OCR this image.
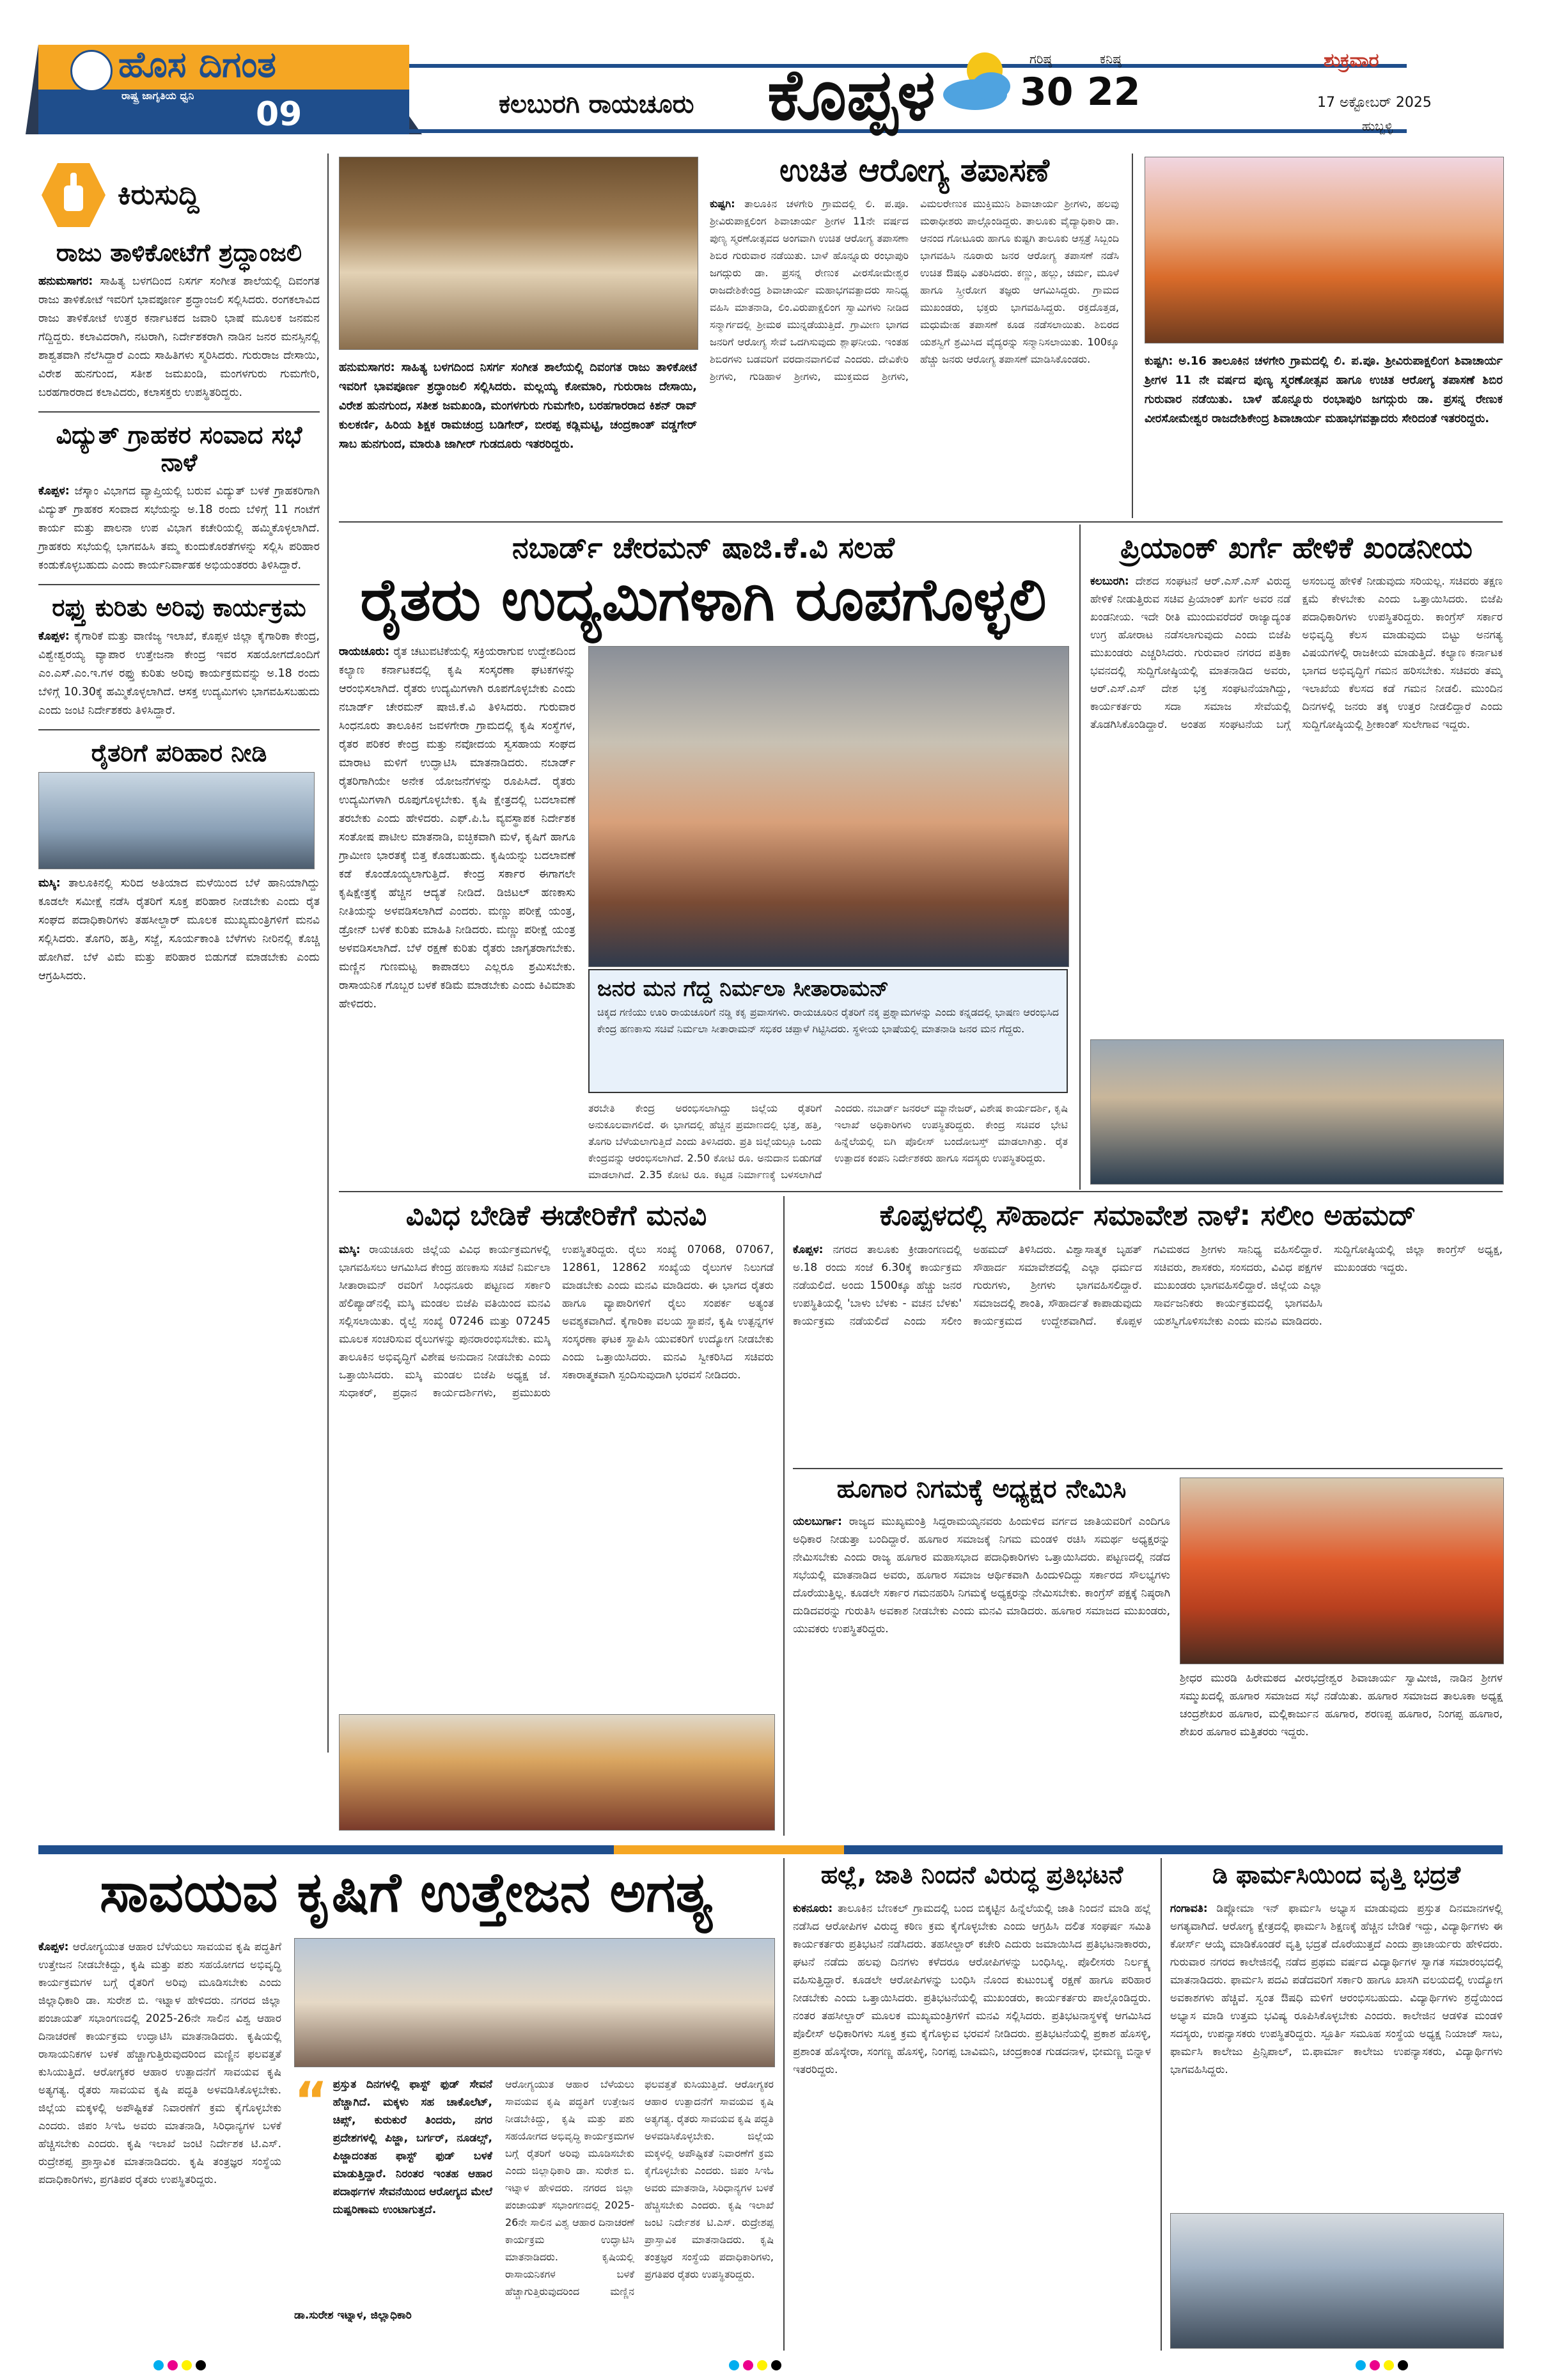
ಹೊಸ ದಿಗಂತ
ರಾಷ್ಟ್ರ ಜಾಗೃತಿಯ ಧ್ವನಿ 09	ಕಲಬುರಗಿ ರಾಯಚೂರು ಕೊಪ್ಪಳ	ಗರಿಷ್ಠ
30
ಕನಿಷ್ಠ
22
ಶುಕ್ರವಾರ
17 ಅಕ್ಟೋಬರ್ 2025
ಹುಬ್ಬಳ್ಳಿ
ಕಿರುಸುದ್ದಿ
ರಾಜು ತಾಳಿಕೋಟೆಗೆ ಶ್ರದ್ಧಾಂಜಲಿ
ಹನುಮಸಾಗರ: ಸಾಹಿತ್ಯ ಬಳಗದಿಂದ ನಿಸರ್ಗ ಸಂಗೀತ ಶಾಲೆಯಲ್ಲಿ ದಿವಂಗತ ರಾಜು ತಾಳಿಕೋಟೆ ಇವರಿಗೆ ಭಾವಪೂರ್ಣ ಶ್ರದ್ಧಾಂಜಲಿ ಸಲ್ಲಿಸಿದರು. ರಂಗಕಲಾವಿದ ರಾಜು ತಾಳಿಕೋಟೆ ಉತ್ತರ ಕರ್ನಾಟಕದ ಜವಾರಿ ಭಾಷೆ ಮೂಲಕ ಜನಮನ ಗೆದ್ದಿದ್ದರು. ಕಲಾವಿದರಾಗಿ, ನಟರಾಗಿ, ನಿರ್ದೇಶಕರಾಗಿ ನಾಡಿನ ಜನರ ಮನಸ್ಸಿನಲ್ಲಿ ಶಾಶ್ವತವಾಗಿ ನೆಲೆಸಿದ್ದಾರೆ ಎಂದು ಸಾಹಿತಿಗಳು ಸ್ಮರಿಸಿದರು. ಗುರುರಾಜ ದೇಸಾಯಿ, ವಿರೇಶ ಹುನಗುಂದ, ಸತೀಶ ಜಮಖಂಡಿ, ಮಂಗಳಗುರು ಗುಮಗೇರಿ, ಬರಹಗಾರರಾದ ಕಲಾವಿದರು, ಕಲಾಸಕ್ತರು ಉಪಸ್ಥಿತರಿದ್ದರು.
ವಿದ್ಯುತ್ ಗ್ರಾಹಕರ ಸಂವಾದ ಸಭೆ ನಾಳೆ
ಕೊಪ್ಪಳ: ಜೆಸ್ಕಾಂ ವಿಭಾಗದ ವ್ಯಾಪ್ತಿಯಲ್ಲಿ ಬರುವ ವಿದ್ಯುತ್ ಬಳಕೆ ಗ್ರಾಹಕರಿಗಾಗಿ ವಿದ್ಯುತ್ ಗ್ರಾಹಕರ ಸಂವಾದ ಸಭೆಯನ್ನು ಅ.18 ರಂದು ಬೆಳಿಗ್ಗೆ 11 ಗಂಟೆಗೆ ಕಾರ್ಯ ಮತ್ತು ಪಾಲನಾ ಉಪ ವಿಭಾಗ ಕಚೇರಿಯಲ್ಲಿ ಹಮ್ಮಿಕೊಳ್ಳಲಾಗಿದೆ. ಗ್ರಾಹಕರು ಸಭೆಯಲ್ಲಿ ಭಾಗವಹಿಸಿ ತಮ್ಮ ಕುಂದುಕೊರತೆಗಳನ್ನು ಸಲ್ಲಿಸಿ ಪರಿಹಾರ ಕಂಡುಕೊಳ್ಳಬಹುದು ಎಂದು ಕಾರ್ಯನಿರ್ವಾಹಕ ಅಭಿಯಂತರರು ತಿಳಿಸಿದ್ದಾರೆ.
ರಫ್ತು ಕುರಿತು ಅರಿವು ಕಾರ್ಯಕ್ರಮ
ಕೊಪ್ಪಳ: ಕೈಗಾರಿಕೆ ಮತ್ತು ವಾಣಿಜ್ಯ ಇಲಾಖೆ, ಕೊಪ್ಪಳ ಜಿಲ್ಲಾ ಕೈಗಾರಿಕಾ ಕೇಂದ್ರ, ವಿಶ್ವೇಶ್ವರಯ್ಯ ವ್ಯಾಪಾರ ಉತ್ತೇಜನಾ ಕೇಂದ್ರ ಇವರ ಸಹಯೋಗದೊಂದಿಗೆ ಎಂ.ಎಸ್.ಎಂ.ಇ.ಗಳ ರಫ್ತು ಕುರಿತು ಅರಿವು ಕಾರ್ಯಕ್ರಮವನ್ನು ಅ.18 ರಂದು ಬೆಳಿಗ್ಗೆ 10.30ಕ್ಕೆ ಹಮ್ಮಿಕೊಳ್ಳಲಾಗಿದೆ. ಆಸಕ್ತ ಉದ್ಯಮಿಗಳು ಭಾಗವಹಿಸಬಹುದು ಎಂದು ಜಂಟಿ ನಿರ್ದೇಶಕರು ತಿಳಿಸಿದ್ದಾರೆ.
ರೈತರಿಗೆ ಪರಿಹಾರ ನೀಡಿ
ಮಸ್ಕಿ: ತಾಲೂಕಿನಲ್ಲಿ ಸುರಿದ ಅತಿಯಾದ ಮಳೆಯಿಂದ ಬೆಳೆ ಹಾನಿಯಾಗಿದ್ದು ಕೂಡಲೇ ಸಮೀಕ್ಷೆ ನಡೆಸಿ ರೈತರಿಗೆ ಸೂಕ್ತ ಪರಿಹಾರ ನೀಡಬೇಕು ಎಂದು ರೈತ ಸಂಘದ ಪದಾಧಿಕಾರಿಗಳು ತಹಸೀಲ್ದಾರ್ ಮೂಲಕ ಮುಖ್ಯಮಂತ್ರಿಗಳಿಗೆ ಮನವಿ ಸಲ್ಲಿಸಿದರು. ತೊಗರಿ, ಹತ್ತಿ, ಸಜ್ಜೆ, ಸೂರ್ಯಕಾಂತಿ ಬೆಳೆಗಳು ನೀರಿನಲ್ಲಿ ಕೊಚ್ಚಿ ಹೋಗಿವೆ. ಬೆಳೆ ವಿಮೆ ಮತ್ತು ಪರಿಹಾರ ಬಿಡುಗಡೆ ಮಾಡಬೇಕು ಎಂದು ಆಗ್ರಹಿಸಿದರು.
ಹನುಮಸಾಗರ: ಸಾಹಿತ್ಯ ಬಳಗದಿಂದ ನಿಸರ್ಗ ಸಂಗೀತ ಶಾಲೆಯಲ್ಲಿ ದಿವಂಗತ ರಾಜು ತಾಳಿಕೋಟೆ ಇವರಿಗೆ ಭಾವಪೂರ್ಣ ಶ್ರದ್ಧಾಂಜಲಿ ಸಲ್ಲಿಸಿದರು. ಮಲ್ಲಯ್ಯ ಕೋಮಾರಿ, ಗುರುರಾಜ ದೇಸಾಯಿ, ವಿರೇಶ ಹುನಗುಂದ, ಸತೀಶ ಜಮಖಂಡಿ, ಮಂಗಳಗುರು ಗುಮಗೇರಿ, ಬರಹಗಾರರಾದ ಕಿಶನ್ ರಾವ್ ಕುಲಕರ್ಣಿ, ಹಿರಿಯ ಶಿಕ್ಷಕ ರಾಮಚಂದ್ರ ಬಡಿಗೇರ್, ಬೀರಪ್ಪ ಕಡ್ಲಿಮಟ್ಟಿ, ಚಂದ್ರಕಾಂತ್ ವಡ್ಡಗೇರ್ ಸಾಬ ಹುನಗುಂದ, ಮಾರುತಿ ಜಾಗೀರ್ ಗುಡದೂರು ಇತರರಿದ್ದರು.
ಉಚಿತ ಆರೋಗ್ಯ ತಪಾಸಣೆ
ಕುಷ್ಟಗಿ: ತಾಲೂಕಿನ ಚಳಗೇರಿ ಗ್ರಾಮದಲ್ಲಿ ಲಿ. ಪ.ಪೂ. ಶ್ರೀವಿರುಪಾಕ್ಷಲಿಂಗ ಶಿವಾಚಾರ್ಯ ಶ್ರೀಗಳ 11ನೇ ವರ್ಷದ ಪುಣ್ಯ ಸ್ಮರಣೋತ್ಸವದ ಅಂಗವಾಗಿ ಉಚಿತ ಆರೋಗ್ಯ ತಪಾಸಣಾ ಶಿಬಿರ ಗುರುವಾರ ನಡೆಯಿತು. ಬಾಳೆ ಹೊನ್ನೂರು ರಂಭಾಪುರಿ ಜಗದ್ಗುರು ಡಾ. ಪ್ರಸನ್ನ ರೇಣುಕ ವೀರಸೋಮೇಶ್ವರ ರಾಜದೇಶಿಕೇಂದ್ರ ಶಿವಾಚಾರ್ಯ ಮಹಾಭಗವತ್ಪಾದರು ಸಾನಿಧ್ಯ ವಹಿಸಿ ಮಾತನಾಡಿ, ಲಿಂ.ವಿರುಪಾಕ್ಷಲಿಂಗ ಸ್ವಾಮಿಗಳು ನೀಡಿದ ಸನ್ಮಾರ್ಗದಲ್ಲಿ ಶ್ರೀಮಠ ಮುನ್ನಡೆಯುತ್ತಿದೆ. ಗ್ರಾಮೀಣ ಭಾಗದ ಜನರಿಗೆ ಆರೋಗ್ಯ ಸೇವೆ ಒದಗಿಸುವುದು ಶ್ಲಾಘನೀಯ. ಇಂತಹ ಶಿಬಿರಗಳು ಬಡವರಿಗೆ ವರದಾನವಾಗಲಿವೆ ಎಂದರು. ದೇವಿಕೇರಿ ಶ್ರೀಗಳು, ಗುಡಿಹಾಳ ಶ್ರೀಗಳು, ಮುಕ್ತಮದ ಶ್ರೀಗಳು, ವಿಮಲರೇಣುಕ ಮುಕ್ತಿಮುನಿ ಶಿವಾಚಾರ್ಯ ಶ್ರೀಗಳು, ಹಲವು ಮಠಾಧೀಶರು ಪಾಲ್ಗೊಂಡಿದ್ದರು. ತಾಲೂಕು ವೈದ್ಯಾಧಿಕಾರಿ ಡಾ. ಆನಂದ ಗೋಟೂರು ಹಾಗೂ ಕುಷ್ಟಗಿ ತಾಲೂಕು ಆಸ್ಪತ್ರೆ ಸಿಬ್ಬಂದಿ ಭಾಗವಹಿಸಿ ನೂರಾರು ಜನರ ಆರೋಗ್ಯ ತಪಾಸಣೆ ನಡೆಸಿ ಉಚಿತ ಔಷಧಿ ವಿತರಿಸಿದರು. ಕಣ್ಣು, ಹಲ್ಲು, ಚರ್ಮ, ಮೂಳೆ ಹಾಗೂ ಸ್ತ್ರೀರೋಗ ತಜ್ಞರು ಆಗಮಿಸಿದ್ದರು. ಗ್ರಾಮದ ಮುಖಂಡರು, ಭಕ್ತರು ಭಾಗವಹಿಸಿದ್ದರು. ರಕ್ತದೊತ್ತಡ, ಮಧುಮೇಹ ತಪಾಸಣೆ ಕೂಡ ನಡೆಸಲಾಯಿತು. ಶಿಬಿರದ ಯಶಸ್ವಿಗೆ ಶ್ರಮಿಸಿದ ವೈದ್ಯರನ್ನು ಸನ್ಮಾನಿಸಲಾಯಿತು. 100ಕ್ಕೂ ಹೆಚ್ಚು ಜನರು ಆರೋಗ್ಯ ತಪಾಸಣೆ ಮಾಡಿಸಿಕೊಂಡರು.	ಕುಷ್ಟಗಿ: ಅ.16 ತಾಲೂಕಿನ ಚಳಗೇರಿ ಗ್ರಾಮದಲ್ಲಿ ಲಿ. ಪ.ಪೂ. ಶ್ರೀವಿರುಪಾಕ್ಷಲಿಂಗ ಶಿವಾಚಾರ್ಯ ಶ್ರೀಗಳ 11 ನೇ ವರ್ಷದ ಪುಣ್ಯ ಸ್ಮರಣೋತ್ಸವ ಹಾಗೂ ಉಚಿತ ಆರೋಗ್ಯ ತಪಾಸಣೆ ಶಿಬಿರ ಗುರುವಾರ ನಡೆಯಿತು. ಬಾಳೆ ಹೊನ್ನೂರು ರಂಭಾಪುರಿ ಜಗದ್ಗುರು ಡಾ. ಪ್ರಸನ್ನ ರೇಣುಕ ವೀರಸೋಮೇಶ್ವರ ರಾಜದೇಶಿಕೇಂದ್ರ ಶಿವಾಚಾರ್ಯ ಮಹಾಭಗವತ್ಪಾದರು ಸೇರಿದಂತೆ ಇತರರಿದ್ದರು.
ನಬಾರ್ಡ್ ಚೇರಮನ್ ಷಾಜಿ.ಕೆ.ವಿ ಸಲಹೆ
ರೈತರು ಉದ್ಯಮಿಗಳಾಗಿ ರೂಪಗೊಳ್ಳಲಿ
ರಾಯಚೂರು: ರೈತ ಚಟುವಟಿಕೆಯಲ್ಲಿ ಸಕ್ರಿಯರಾಗುವ ಉದ್ದೇಶದಿಂದ ಕಲ್ಯಾಣ ಕರ್ನಾಟಕದಲ್ಲಿ ಕೃಷಿ ಸಂಸ್ಕರಣಾ ಘಟಕಗಳನ್ನು ಆರಂಭಿಸಲಾಗಿದೆ. ರೈತರು ಉದ್ಯಮಿಗಳಾಗಿ ರೂಪಗೊಳ್ಳಬೇಕು ಎಂದು ನಬಾರ್ಡ್ ಚೇರಮನ್ ಷಾಜಿ.ಕೆ.ವಿ ತಿಳಿಸಿದರು. ಗುರುವಾರ ಸಿಂಧನೂರು ತಾಲೂಕಿನ ಜವಳಗೇರಾ ಗ್ರಾಮದಲ್ಲಿ ಕೃಷಿ ಸಂಸ್ಥೆಗಳ, ರೈತರ ಪರಿಕರ ಕೇಂದ್ರ ಮತ್ತು ನವೋದಯ ಸ್ವಸಹಾಯ ಸಂಘದ ಮಾರಾಟ ಮಳಿಗೆ ಉದ್ಘಾಟಿಸಿ ಮಾತನಾಡಿದರು. ನಬಾರ್ಡ್ ರೈತರಿಗಾಗಿಯೇ ಅನೇಕ ಯೋಜನೆಗಳನ್ನು ರೂಪಿಸಿದೆ. ರೈತರು ಉದ್ಯಮಿಗಳಾಗಿ ರೂಪುಗೊಳ್ಳಬೇಕು. ಕೃಷಿ ಕ್ಷೇತ್ರದಲ್ಲಿ ಬದಲಾವಣೆ ತರಬೇಕು ಎಂದು ಹೇಳಿದರು. ಎಫ್.ಪಿ.ಓ ವ್ಯವಸ್ಥಾಪಕ ನಿರ್ದೇಶಕ ಸಂತೋಷ ಪಾಟೀಲ ಮಾತನಾಡಿ, ಐಚ್ಛಿಕವಾಗಿ ಮಳೆ, ಕೃಷಿಗೆ ಹಾಗೂ ಗ್ರಾಮೀಣ ಭಾರತಕ್ಕೆ ಬಿತ್ತ ಕೊಡಬಹುದು. ಕೃಷಿಯನ್ನು ಬದಲಾವಣೆ ಕಡೆ ಕೊಂಡೊಯ್ಯಲಾಗುತ್ತಿದೆ. ಕೇಂದ್ರ ಸರ್ಕಾರ ಈಗಾಗಲೇ ಕೃಷಿಕ್ಷೇತ್ರಕ್ಕೆ ಹೆಚ್ಚಿನ ಆದ್ಯತೆ ನೀಡಿದೆ. ಡಿಜಿಟಲ್ ಹಣಕಾಸು ನೀತಿಯನ್ನು ಅಳವಡಿಸಲಾಗಿದೆ ಎಂದರು. ಮಣ್ಣು ಪರೀಕ್ಷೆ ಯಂತ್ರ, ಡ್ರೋನ್ ಬಳಕೆ ಕುರಿತು ಮಾಹಿತಿ ನೀಡಿದರು. ಮಣ್ಣು ಪರೀಕ್ಷೆ ಯಂತ್ರ ಅಳವಡಿಸಲಾಗಿದೆ. ಬೆಳೆ ರಕ್ಷಣೆ ಕುರಿತು ರೈತರು ಜಾಗೃತರಾಗಬೇಕು. ಮಣ್ಣಿನ ಗುಣಮಟ್ಟ ಕಾಪಾಡಲು ಎಲ್ಲರೂ ಶ್ರಮಿಸಬೇಕು. ರಾಸಾಯನಿಕ ಗೊಬ್ಬರ ಬಳಕೆ ಕಡಿಮೆ ಮಾಡಬೇಕು ಎಂದು ಕಿವಿಮಾತು ಹೇಳಿದರು.
ಜನರ ಮನ ಗೆದ್ದ ನಿರ್ಮಲಾ ಸೀತಾರಾಮನ್
ಚಿಕ್ಕದ ಗಣಿಯು ಊರಿ ರಾಯಚೂರಿಗೆ ನಡ್ಡಿ ಕಕೃ ಪ್ರವಾಸಗಳು. ರಾಯಚೂರಿನ ರೈತರಿಗೆ ನಕ್ಕ ಪ್ರಶ್ನಾಮಗಳನ್ನು ಎಂದು ಕನ್ನಡದಲ್ಲಿ ಭಾಷಣ ಆರಂಭಿಸಿದ ಕೇಂದ್ರ ಹಣಕಾಸು ಸಚಿವೆ ನಿರ್ಮಲಾ ಸೀತಾರಾಮನ್ ಸಭಿಕರ ಚಪ್ಪಾಳೆ ಗಿಟ್ಟಿಸಿದರು. ಸ್ಥಳೀಯ ಭಾಷೆಯಲ್ಲಿ ಮಾತನಾಡಿ ಜನರ ಮನ ಗೆದ್ದರು.
ತರಬೇತಿ ಕೇಂದ್ರ ಅರಂಭಿಸಲಾಗಿದ್ದು ಜಿಲ್ಲೆಯ ರೈತರಿಗೆ ಅನುಕೂಲವಾಗಲಿದೆ. ಈ ಭಾಗದಲ್ಲಿ ಹೆಚ್ಚಿನ ಪ್ರಮಾಣದಲ್ಲಿ ಭತ್ತ, ಹತ್ತಿ, ತೊಗರಿ ಬೆಳೆಯಲಾಗುತ್ತಿದೆ ಎಂದು ತಿಳಿಸಿದರು. ಪ್ರತಿ ಜಿಲ್ಲೆಯಲ್ಲೂ ಒಂದು ಕೇಂದ್ರವನ್ನು ಆರಂಭಿಸಲಾಗಿದೆ. 2.50 ಕೋಟಿ ರೂ. ಅನುದಾನ ಬಿಡುಗಡೆ ಮಾಡಲಾಗಿದೆ. 2.35 ಕೋಟಿ ರೂ. ಕಟ್ಟಡ ನಿರ್ಮಾಣಕ್ಕೆ ಬಳಸಲಾಗಿದೆ ಎಂದರು. ನಬಾರ್ಡ್ ಜನರಲ್ ಮ್ಯಾನೇಜರ್, ವಿಶೇಷ ಕಾರ್ಯದರ್ಶಿ, ಕೃಷಿ ಇಲಾಖೆ ಅಧಿಕಾರಿಗಳು ಉಪಸ್ಥಿತರಿದ್ದರು. ಕೇಂದ್ರ ಸಚಿವರ ಭೇಟಿ ಹಿನ್ನೆಲೆಯಲ್ಲಿ ಬಿಗಿ ಪೊಲೀಸ್ ಬಂದೋಬಸ್ತ್ ಮಾಡಲಾಗಿತ್ತು. ರೈತ ಉತ್ಪಾದಕ ಕಂಪನಿ ನಿರ್ದೇಶಕರು ಹಾಗೂ ಸದಸ್ಯರು ಉಪಸ್ಥಿತರಿದ್ದರು.
ಪ್ರಿಯಾಂಕ್ ಖರ್ಗೆ ಹೇಳಿಕೆ ಖಂಡನೀಯ
ಕಲಬುರಗಿ: ದೇಶದ ಸಂಘಟನೆ ಆರ್.ಎಸ್.ಎಸ್ ವಿರುದ್ಧ ಹೇಳಿಕೆ ನೀಡುತ್ತಿರುವ ಸಚಿವ ಪ್ರಿಯಾಂಕ್ ಖರ್ಗೆ ಅವರ ನಡೆ ಖಂಡನೀಯ. ಇದೇ ರೀತಿ ಮುಂದುವರೆದರೆ ರಾಜ್ಯಾದ್ಯಂತ ಉಗ್ರ ಹೋರಾಟ ನಡೆಸಲಾಗುವುದು ಎಂದು ಬಿಜೆಪಿ ಮುಖಂಡರು ಎಚ್ಚರಿಸಿದರು. ಗುರುವಾರ ನಗರದ ಪತ್ರಿಕಾ ಭವನದಲ್ಲಿ ಸುದ್ದಿಗೋಷ್ಠಿಯಲ್ಲಿ ಮಾತನಾಡಿದ ಅವರು, ಆರ್.ಎಸ್.ಎಸ್ ದೇಶ ಭಕ್ತ ಸಂಘಟನೆಯಾಗಿದ್ದು, ಕಾರ್ಯಕರ್ತರು ಸದಾ ಸಮಾಜ ಸೇವೆಯಲ್ಲಿ ತೊಡಗಿಸಿಕೊಂಡಿದ್ದಾರೆ. ಅಂತಹ ಸಂಘಟನೆಯ ಬಗ್ಗೆ ಅಸಂಬದ್ಧ ಹೇಳಿಕೆ ನೀಡುವುದು ಸರಿಯಲ್ಲ. ಸಚಿವರು ತಕ್ಷಣ ಕ್ಷಮೆ ಕೇಳಬೇಕು ಎಂದು ಒತ್ತಾಯಿಸಿದರು. ಬಿಜೆಪಿ ಪದಾಧಿಕಾರಿಗಳು ಉಪಸ್ಥಿತರಿದ್ದರು. ಕಾಂಗ್ರೆಸ್ ಸರ್ಕಾರ ಅಭಿವೃದ್ಧಿ ಕೆಲಸ ಮಾಡುವುದು ಬಿಟ್ಟು ಅನಗತ್ಯ ವಿಷಯಗಳಲ್ಲಿ ರಾಜಕೀಯ ಮಾಡುತ್ತಿದೆ. ಕಲ್ಯಾಣ ಕರ್ನಾಟಕ ಭಾಗದ ಅಭಿವೃದ್ಧಿಗೆ ಗಮನ ಹರಿಸಬೇಕು. ಸಚಿವರು ತಮ್ಮ ಇಲಾಖೆಯ ಕೆಲಸದ ಕಡೆ ಗಮನ ನೀಡಲಿ. ಮುಂದಿನ ದಿನಗಳಲ್ಲಿ ಜನರು ತಕ್ಕ ಉತ್ತರ ನೀಡಲಿದ್ದಾರೆ ಎಂದು ಸುದ್ದಿಗೋಷ್ಠಿಯಲ್ಲಿ ಶ್ರೀಕಾಂತ್ ಸುಲೇಗಾವ ಇದ್ದರು.
ವಿವಿಧ ಬೇಡಿಕೆ ಈಡೇರಿಕೆಗೆ ಮನವಿ
ಮಸ್ಕಿ: ರಾಯಚೂರು ಜಿಲ್ಲೆಯ ವಿವಿಧ ಕಾರ್ಯಕ್ರಮಗಳಲ್ಲಿ ಭಾಗವಹಿಸಲು ಆಗಮಿಸಿದ ಕೇಂದ್ರ ಹಣಕಾಸು ಸಚಿವೆ ನಿರ್ಮಲಾ ಸೀತಾರಾಮನ್ ರವರಿಗೆ ಸಿಂಧನೂರು ಪಟ್ಟಣದ ಸರ್ಕಾರಿ ಹೆಲಿಪ್ಯಾಡ್‌ನಲ್ಲಿ ಮಸ್ಕಿ ಮಂಡಲ ಬಿಜೆಪಿ ವತಿಯಿಂದ ಮನವಿ ಸಲ್ಲಿಸಲಾಯಿತು. ರೈಲ್ವೆ ಸಂಖ್ಯೆ 07246 ಮತ್ತು 07245 ಮೂಲಕ ಸಂಚರಿಸುವ ರೈಲುಗಳನ್ನು ಪುನರಾರಂಭಿಸಬೇಕು. ಮಸ್ಕಿ ತಾಲೂಕಿನ ಅಭಿವೃದ್ಧಿಗೆ ವಿಶೇಷ ಅನುದಾನ ನೀಡಬೇಕು ಎಂದು ಒತ್ತಾಯಿಸಿದರು. ಮಸ್ಕಿ ಮಂಡಲ ಬಿಜೆಪಿ ಅಧ್ಯಕ್ಷ ಜೆ. ಸುಧಾಕರ್, ಪ್ರಧಾನ ಕಾರ್ಯದರ್ಶಿಗಳು, ಪ್ರಮುಖರು ಉಪಸ್ಥಿತರಿದ್ದರು. ರೈಲು ಸಂಖ್ಯೆ 07068, 07067, 12861, 12862 ಸಂಖ್ಯೆಯ ರೈಲುಗಳ ನಿಲುಗಡೆ ಮಾಡಬೇಕು ಎಂದು ಮನವಿ ಮಾಡಿದರು. ಈ ಭಾಗದ ರೈತರು ಹಾಗೂ ವ್ಯಾಪಾರಿಗಳಿಗೆ ರೈಲು ಸಂಪರ್ಕ ಅತ್ಯಂತ ಅವಶ್ಯಕವಾಗಿದೆ. ಕೈಗಾರಿಕಾ ವಲಯ ಸ್ಥಾಪನೆ, ಕೃಷಿ ಉತ್ಪನ್ನಗಳ ಸಂಸ್ಕರಣಾ ಘಟಕ ಸ್ಥಾಪಿಸಿ ಯುವಕರಿಗೆ ಉದ್ಯೋಗ ನೀಡಬೇಕು ಎಂದು ಒತ್ತಾಯಿಸಿದರು. ಮನವಿ ಸ್ವೀಕರಿಸಿದ ಸಚಿವರು ಸಕಾರಾತ್ಮಕವಾಗಿ ಸ್ಪಂದಿಸುವುದಾಗಿ ಭರವಸೆ ನೀಡಿದರು.
ಕೊಪ್ಪಳದಲ್ಲಿ ಸೌಹಾರ್ದ ಸಮಾವೇಶ ನಾಳೆ: ಸಲೀಂ ಅಹಮದ್
ಕೊಪ್ಪಳ: ನಗರದ ತಾಲೂಕು ಕ್ರೀಡಾಂಗಣದಲ್ಲಿ ಅ.18 ರಂದು ಸಂಜೆ 6.30ಕ್ಕೆ ಕಾರ್ಯಕ್ರಮ ನಡೆಯಲಿದೆ. ಅಂದು 1500ಕ್ಕೂ ಹೆಚ್ಚು ಜನರ ಉಪಸ್ಥಿತಿಯಲ್ಲಿ 'ಬಾಳು ಬೆಳಕು - ವಚನ ಬೆಳಕು' ಕಾರ್ಯಕ್ರಮ ನಡೆಯಲಿದೆ ಎಂದು ಸಲೀಂ ಅಹಮದ್ ತಿಳಿಸಿದರು. ವಿಶ್ವಾಸಾತ್ಮಕ ಬೃಹತ್ ಸೌಹಾರ್ದ ಸಮಾವೇಶದಲ್ಲಿ ಎಲ್ಲಾ ಧರ್ಮದ ಗುರುಗಳು, ಶ್ರೀಗಳು ಭಾಗವಹಿಸಲಿದ್ದಾರೆ. ಸಮಾಜದಲ್ಲಿ ಶಾಂತಿ, ಸೌಹಾರ್ದತೆ ಕಾಪಾಡುವುದು ಕಾರ್ಯಕ್ರಮದ ಉದ್ದೇಶವಾಗಿದೆ. ಕೊಪ್ಪಳ ಗವಿಮಠದ ಶ್ರೀಗಳು ಸಾನಿಧ್ಯ ವಹಿಸಲಿದ್ದಾರೆ. ಸಚಿವರು, ಶಾಸಕರು, ಸಂಸದರು, ವಿವಿಧ ಪಕ್ಷಗಳ ಮುಖಂಡರು ಭಾಗವಹಿಸಲಿದ್ದಾರೆ. ಜಿಲ್ಲೆಯ ಎಲ್ಲಾ ಸಾರ್ವಜನಿಕರು ಕಾರ್ಯಕ್ರಮದಲ್ಲಿ ಭಾಗವಹಿಸಿ ಯಶಸ್ವಿಗೊಳಿಸಬೇಕು ಎಂದು ಮನವಿ ಮಾಡಿದರು. ಸುದ್ದಿಗೋಷ್ಠಿಯಲ್ಲಿ ಜಿಲ್ಲಾ ಕಾಂಗ್ರೆಸ್ ಅಧ್ಯಕ್ಷ, ಮುಖಂಡರು ಇದ್ದರು.
ಹೂಗಾರ ನಿಗಮಕ್ಕೆ ಅಧ್ಯಕ್ಷರ ನೇಮಿಸಿ
ಯಲಬುರ್ಗಾ: ರಾಜ್ಯದ ಮುಖ್ಯಮಂತ್ರಿ ಸಿದ್ದರಾಮಯ್ಯನವರು ಹಿಂದುಳಿದ ವರ್ಗದ ಜಾತಿಯವರಿಗೆ ಎಂದಿಗೂ ಅಧಿಕಾರ ನೀಡುತ್ತಾ ಬಂದಿದ್ದಾರೆ. ಹೂಗಾರ ಸಮಾಜಕ್ಕೆ ನಿಗಮ ಮಂಡಳಿ ರಚಿಸಿ ಸಮರ್ಥ ಅಧ್ಯಕ್ಷರನ್ನು ನೇಮಿಸಬೇಕು ಎಂದು ರಾಜ್ಯ ಹೂಗಾರ ಮಹಾಸಭಾದ ಪದಾಧಿಕಾರಿಗಳು ಒತ್ತಾಯಿಸಿದರು. ಪಟ್ಟಣದಲ್ಲಿ ನಡೆದ ಸಭೆಯಲ್ಲಿ ಮಾತನಾಡಿದ ಅವರು, ಹೂಗಾರ ಸಮಾಜ ಆರ್ಥಿಕವಾಗಿ ಹಿಂದುಳಿದಿದ್ದು ಸರ್ಕಾರದ ಸೌಲಭ್ಯಗಳು ದೊರೆಯುತ್ತಿಲ್ಲ. ಕೂಡಲೇ ಸರ್ಕಾರ ಗಮನಹರಿಸಿ ನಿಗಮಕ್ಕೆ ಅಧ್ಯಕ್ಷರನ್ನು ನೇಮಿಸಬೇಕು. ಕಾಂಗ್ರೆಸ್ ಪಕ್ಷಕ್ಕೆ ನಿಷ್ಠರಾಗಿ ದುಡಿದವರನ್ನು ಗುರುತಿಸಿ ಅವಕಾಶ ನೀಡಬೇಕು ಎಂದು ಮನವಿ ಮಾಡಿದರು. ಹೂಗಾರ ಸಮಾಜದ ಮುಖಂಡರು, ಯುವಕರು ಉಪಸ್ಥಿತರಿದ್ದರು.
ಶ್ರೀಧರ ಮುರಡಿ ಹಿರೇಮಠದ ವೀರಭದ್ರೇಶ್ವರ ಶಿವಾಚಾರ್ಯ ಸ್ವಾಮೀಜಿ, ನಾಡಿನ ಶ್ರೀಗಳ ಸಮ್ಮುಖದಲ್ಲಿ ಹೂಗಾರ ಸಮಾಜದ ಸಭೆ ನಡೆಯಿತು. ಹೂಗಾರ ಸಮಾಜದ ತಾಲೂಕಾ ಅಧ್ಯಕ್ಷ ಚಂದ್ರಶೇಖರ ಹೂಗಾರ, ಮಲ್ಲಿಕಾರ್ಜುನ ಹೂಗಾರ, ಶರಣಪ್ಪ ಹೂಗಾರ, ನಿಂಗಪ್ಪ ಹೂಗಾರ, ಶೇಖರ ಹೂಗಾರ ಮತ್ತಿತರರು ಇದ್ದರು.
ಸಾವಯವ ಕೃಷಿಗೆ ಉತ್ತೇಜನ ಅಗತ್ಯ
ಕೊಪ್ಪಳ: ಆರೋಗ್ಯಯುತ ಆಹಾರ ಬೆಳೆಯಲು ಸಾವಯವ ಕೃಷಿ ಪದ್ಧತಿಗೆ ಉತ್ತೇಜನ ನೀಡಬೇಕಿದ್ದು, ಕೃಷಿ ಮತ್ತು ಪಶು ಸಹಯೋಗದ ಅಭಿವೃದ್ಧಿ ಕಾರ್ಯಕ್ರಮಗಳ ಬಗ್ಗೆ ರೈತರಿಗೆ ಅರಿವು ಮೂಡಿಸಬೇಕು ಎಂದು ಜಿಲ್ಲಾಧಿಕಾರಿ ಡಾ. ಸುರೇಶ ಬಿ. ಇಟ್ನಾಳ ಹೇಳಿದರು. ನಗರದ ಜಿಲ್ಲಾ ಪಂಚಾಯತ್ ಸಭಾಂಗಣದಲ್ಲಿ 2025-26ನೇ ಸಾಲಿನ ವಿಶ್ವ ಆಹಾರ ದಿನಾಚರಣೆ ಕಾರ್ಯಕ್ರಮ ಉದ್ಘಾಟಿಸಿ ಮಾತನಾಡಿದರು. ಕೃಷಿಯಲ್ಲಿ ರಾಸಾಯನಿಕಗಳ ಬಳಕೆ ಹೆಚ್ಚಾಗುತ್ತಿರುವುದರಿಂದ ಮಣ್ಣಿನ ಫಲವತ್ತತೆ ಕುಸಿಯುತ್ತಿದೆ. ಆರೋಗ್ಯಕರ ಆಹಾರ ಉತ್ಪಾದನೆಗೆ ಸಾವಯವ ಕೃಷಿ ಅತ್ಯಗತ್ಯ. ರೈತರು ಸಾವಯವ ಕೃಷಿ ಪದ್ಧತಿ ಅಳವಡಿಸಿಕೊಳ್ಳಬೇಕು. ಜಿಲ್ಲೆಯ ಮಕ್ಕಳಲ್ಲಿ ಅಪೌಷ್ಟಿಕತೆ ನಿವಾರಣೆಗೆ ಕ್ರಮ ಕೈಗೊಳ್ಳಬೇಕು ಎಂದರು. ಜಿಪಂ ಸಿಇಓ ಅವರು ಮಾತನಾಡಿ, ಸಿರಿಧಾನ್ಯಗಳ ಬಳಕೆ ಹೆಚ್ಚಿಸಬೇಕು ಎಂದರು. ಕೃಷಿ ಇಲಾಖೆ ಜಂಟಿ ನಿರ್ದೇಶಕ ಟಿ.ಎಸ್. ರುದ್ರೇಶಪ್ಪ ಪ್ರಾಸ್ತಾವಿಕ ಮಾತನಾಡಿದರು. ಕೃಷಿ ತಂತ್ರಜ್ಞರ ಸಂಸ್ಥೆಯ ಪದಾಧಿಕಾರಿಗಳು, ಪ್ರಗತಿಪರ ರೈತರು ಉಪಸ್ಥಿತರಿದ್ದರು.
“ ಪ್ರಸ್ತುತ ದಿನಗಳಲ್ಲಿ ಫಾಸ್ಟ್ ಫುಡ್ ಸೇವನೆ ಹೆಚ್ಚಾಗಿದೆ. ಮಕ್ಕಳು ಸಹ ಚಾಕೊಲೆಟ್, ಚಿಪ್ಸ್, ಕುರುಕುರೆ ತಿಂದರು, ನಗರ ಪ್ರದೇಶಗಳಲ್ಲಿ ಪಿಜ್ಜಾ, ಬರ್ಗರ್, ನೂಡಲ್ಸ್, ಪಿಜ್ಜಾದಂತಹ ಫಾಸ್ಟ್ ಫುಡ್ ಬಳಕೆ ಮಾಡುತ್ತಿದ್ದಾರೆ. ನಿರಂತರ ಇಂತಹ ಆಹಾರ ಪದಾರ್ಥಗಳ ಸೇವನೆಯಿಂದ ಆರೋಗ್ಯದ ಮೇಲೆ ದುಷ್ಪರಿಣಾಮ ಉಂಟಾಗುತ್ತದೆ.
ಡಾ.ಸುರೇಶ ಇಟ್ನಾಳ, ಜಿಲ್ಲಾಧಿಕಾರಿ
ಆರೋಗ್ಯಯುತ ಆಹಾರ ಬೆಳೆಯಲು ಸಾವಯವ ಕೃಷಿ ಪದ್ಧತಿಗೆ ಉತ್ತೇಜನ ನೀಡಬೇಕಿದ್ದು, ಕೃಷಿ ಮತ್ತು ಪಶು ಸಹಯೋಗದ ಅಭಿವೃದ್ಧಿ ಕಾರ್ಯಕ್ರಮಗಳ ಬಗ್ಗೆ ರೈತರಿಗೆ ಅರಿವು ಮೂಡಿಸಬೇಕು ಎಂದು ಜಿಲ್ಲಾಧಿಕಾರಿ ಡಾ. ಸುರೇಶ ಬಿ. ಇಟ್ನಾಳ ಹೇಳಿದರು. ನಗರದ ಜಿಲ್ಲಾ ಪಂಚಾಯತ್ ಸಭಾಂಗಣದಲ್ಲಿ 2025-26ನೇ ಸಾಲಿನ ವಿಶ್ವ ಆಹಾರ ದಿನಾಚರಣೆ ಕಾರ್ಯಕ್ರಮ ಉದ್ಘಾಟಿಸಿ ಮಾತನಾಡಿದರು. ಕೃಷಿಯಲ್ಲಿ ರಾಸಾಯನಿಕಗಳ ಬಳಕೆ ಹೆಚ್ಚಾಗುತ್ತಿರುವುದರಿಂದ ಮಣ್ಣಿನ ಫಲವತ್ತತೆ ಕುಸಿಯುತ್ತಿದೆ. ಆರೋಗ್ಯಕರ ಆಹಾರ ಉತ್ಪಾದನೆಗೆ ಸಾವಯವ ಕೃಷಿ ಅತ್ಯಗತ್ಯ. ರೈತರು ಸಾವಯವ ಕೃಷಿ ಪದ್ಧತಿ ಅಳವಡಿಸಿಕೊಳ್ಳಬೇಕು. ಜಿಲ್ಲೆಯ ಮಕ್ಕಳಲ್ಲಿ ಅಪೌಷ್ಟಿಕತೆ ನಿವಾರಣೆಗೆ ಕ್ರಮ ಕೈಗೊಳ್ಳಬೇಕು ಎಂದರು. ಜಿಪಂ ಸಿಇಓ ಅವರು ಮಾತನಾಡಿ, ಸಿರಿಧಾನ್ಯಗಳ ಬಳಕೆ ಹೆಚ್ಚಿಸಬೇಕು ಎಂದರು. ಕೃಷಿ ಇಲಾಖೆ ಜಂಟಿ ನಿರ್ದೇಶಕ ಟಿ.ಎಸ್. ರುದ್ರೇಶಪ್ಪ ಪ್ರಾಸ್ತಾವಿಕ ಮಾತನಾಡಿದರು. ಕೃಷಿ ತಂತ್ರಜ್ಞರ ಸಂಸ್ಥೆಯ ಪದಾಧಿಕಾರಿಗಳು, ಪ್ರಗತಿಪರ ರೈತರು ಉಪಸ್ಥಿತರಿದ್ದರು.
ಹಲ್ಲೆ, ಜಾತಿ ನಿಂದನೆ ವಿರುದ್ಧ ಪ್ರತಿಭಟನೆ
ಕುಕನೂರು: ತಾಲೂಕಿನ ಬೆಣಕಲ್ ಗ್ರಾಮದಲ್ಲಿ ಬಂದ ಬಿಕ್ಕಟ್ಟಿನ ಹಿನ್ನೆಲೆಯಲ್ಲಿ ಜಾತಿ ನಿಂದನೆ ಮಾಡಿ ಹಲ್ಲೆ ನಡೆಸಿದ ಆರೋಪಿಗಳ ವಿರುದ್ಧ ಕಠಿಣ ಕ್ರಮ ಕೈಗೊಳ್ಳಬೇಕು ಎಂದು ಆಗ್ರಹಿಸಿ ದಲಿತ ಸಂಘರ್ಷ ಸಮಿತಿ ಕಾರ್ಯಕರ್ತರು ಪ್ರತಿಭಟನೆ ನಡೆಸಿದರು. ತಹಸೀಲ್ದಾರ್ ಕಚೇರಿ ಎದುರು ಜಮಾಯಿಸಿದ ಪ್ರತಿಭಟನಾಕಾರರು, ಘಟನೆ ನಡೆದು ಹಲವು ದಿನಗಳು ಕಳೆದರೂ ಆರೋಪಿಗಳನ್ನು ಬಂಧಿಸಿಲ್ಲ. ಪೊಲೀಸರು ನಿರ್ಲಕ್ಷ್ಯ ವಹಿಸುತ್ತಿದ್ದಾರೆ. ಕೂಡಲೇ ಆರೋಪಿಗಳನ್ನು ಬಂಧಿಸಿ ನೊಂದ ಕುಟುಂಬಕ್ಕೆ ರಕ್ಷಣೆ ಹಾಗೂ ಪರಿಹಾರ ನೀಡಬೇಕು ಎಂದು ಒತ್ತಾಯಿಸಿದರು. ಪ್ರತಿಭಟನೆಯಲ್ಲಿ ಮುಖಂಡರು, ಕಾರ್ಯಕರ್ತರು ಪಾಲ್ಗೊಂಡಿದ್ದರು. ನಂತರ ತಹಸೀಲ್ದಾರ್ ಮೂಲಕ ಮುಖ್ಯಮಂತ್ರಿಗಳಿಗೆ ಮನವಿ ಸಲ್ಲಿಸಿದರು. ಪ್ರತಿಭಟನಾಸ್ಥಳಕ್ಕೆ ಆಗಮಿಸಿದ ಪೊಲೀಸ್ ಅಧಿಕಾರಿಗಳು ಸೂಕ್ತ ಕ್ರಮ ಕೈಗೊಳ್ಳುವ ಭರವಸೆ ನೀಡಿದರು. ಪ್ರತಿಭಟನೆಯಲ್ಲಿ ಪ್ರಕಾಶ ಹೊಸಳ್ಳಿ, ಪ್ರಶಾಂತ ಹೊಸ್ಕೇರಾ, ಸಂಗಣ್ಣ ಹೊಸಳ್ಳಿ, ನಿಂಗಪ್ಪ ಬಾವಿಮನಿ, ಚಂದ್ರಕಾಂತ ಗುಡದನಾಳ, ಭೀಮಣ್ಣ ಬಿನ್ನಾಳ ಇತರರಿದ್ದರು.
ಡಿ ಫಾರ್ಮಸಿಯಿಂದ ವೃತ್ತಿ ಭದ್ರತೆ
ಗಂಗಾವತಿ: ಡಿಪ್ಲೋಮಾ ಇನ್ ಫಾರ್ಮಸಿ ಅಭ್ಯಾಸ ಮಾಡುವುದು ಪ್ರಸ್ತುತ ದಿನಮಾನಗಳಲ್ಲಿ ಅಗತ್ಯವಾಗಿದೆ. ಆರೋಗ್ಯ ಕ್ಷೇತ್ರದಲ್ಲಿ ಫಾರ್ಮಸಿ ಶಿಕ್ಷಣಕ್ಕೆ ಹೆಚ್ಚಿನ ಬೇಡಿಕೆ ಇದ್ದು, ವಿದ್ಯಾರ್ಥಿಗಳು ಈ ಕೋರ್ಸ್ ಆಯ್ಕೆ ಮಾಡಿಕೊಂಡರೆ ವೃತ್ತಿ ಭದ್ರತೆ ದೊರೆಯುತ್ತದೆ ಎಂದು ಪ್ರಾಚಾರ್ಯರು ಹೇಳಿದರು. ಗುರುವಾರ ನಗರದ ಕಾಲೇಜಿನಲ್ಲಿ ನಡೆದ ಪ್ರಥಮ ವರ್ಷದ ವಿದ್ಯಾರ್ಥಿಗಳ ಸ್ವಾಗತ ಸಮಾರಂಭದಲ್ಲಿ ಮಾತನಾಡಿದರು. ಫಾರ್ಮಸಿ ಪದವಿ ಪಡೆದವರಿಗೆ ಸರ್ಕಾರಿ ಹಾಗೂ ಖಾಸಗಿ ವಲಯದಲ್ಲಿ ಉದ್ಯೋಗ ಅವಕಾಶಗಳು ಹೆಚ್ಚಿವೆ. ಸ್ವಂತ ಔಷಧಿ ಮಳಿಗೆ ಆರಂಭಿಸಬಹುದು. ವಿದ್ಯಾರ್ಥಿಗಳು ಶ್ರದ್ಧೆಯಿಂದ ಅಭ್ಯಾಸ ಮಾಡಿ ಉತ್ತಮ ಭವಿಷ್ಯ ರೂಪಿಸಿಕೊಳ್ಳಬೇಕು ಎಂದರು. ಕಾಲೇಜಿನ ಆಡಳಿತ ಮಂಡಳಿ ಸದಸ್ಯರು, ಉಪನ್ಯಾಸಕರು ಉಪಸ್ಥಿತರಿದ್ದರು. ಸ್ಪೂರ್ತಿ ಸಮೂಹ ಸಂಸ್ಥೆಯ ಅಧ್ಯಕ್ಷ ನಿಯಾಜ್ ಸಾಬ, ಫಾರ್ಮಸಿ ಕಾಲೇಜು ಪ್ರಿನ್ಸಿಪಾಲ್, ಬಿ.ಫಾರ್ಮಾ ಕಾಲೇಜು ಉಪನ್ಯಾಸಕರು, ವಿದ್ಯಾರ್ಥಿಗಳು ಭಾಗವಹಿಸಿದ್ದರು.
